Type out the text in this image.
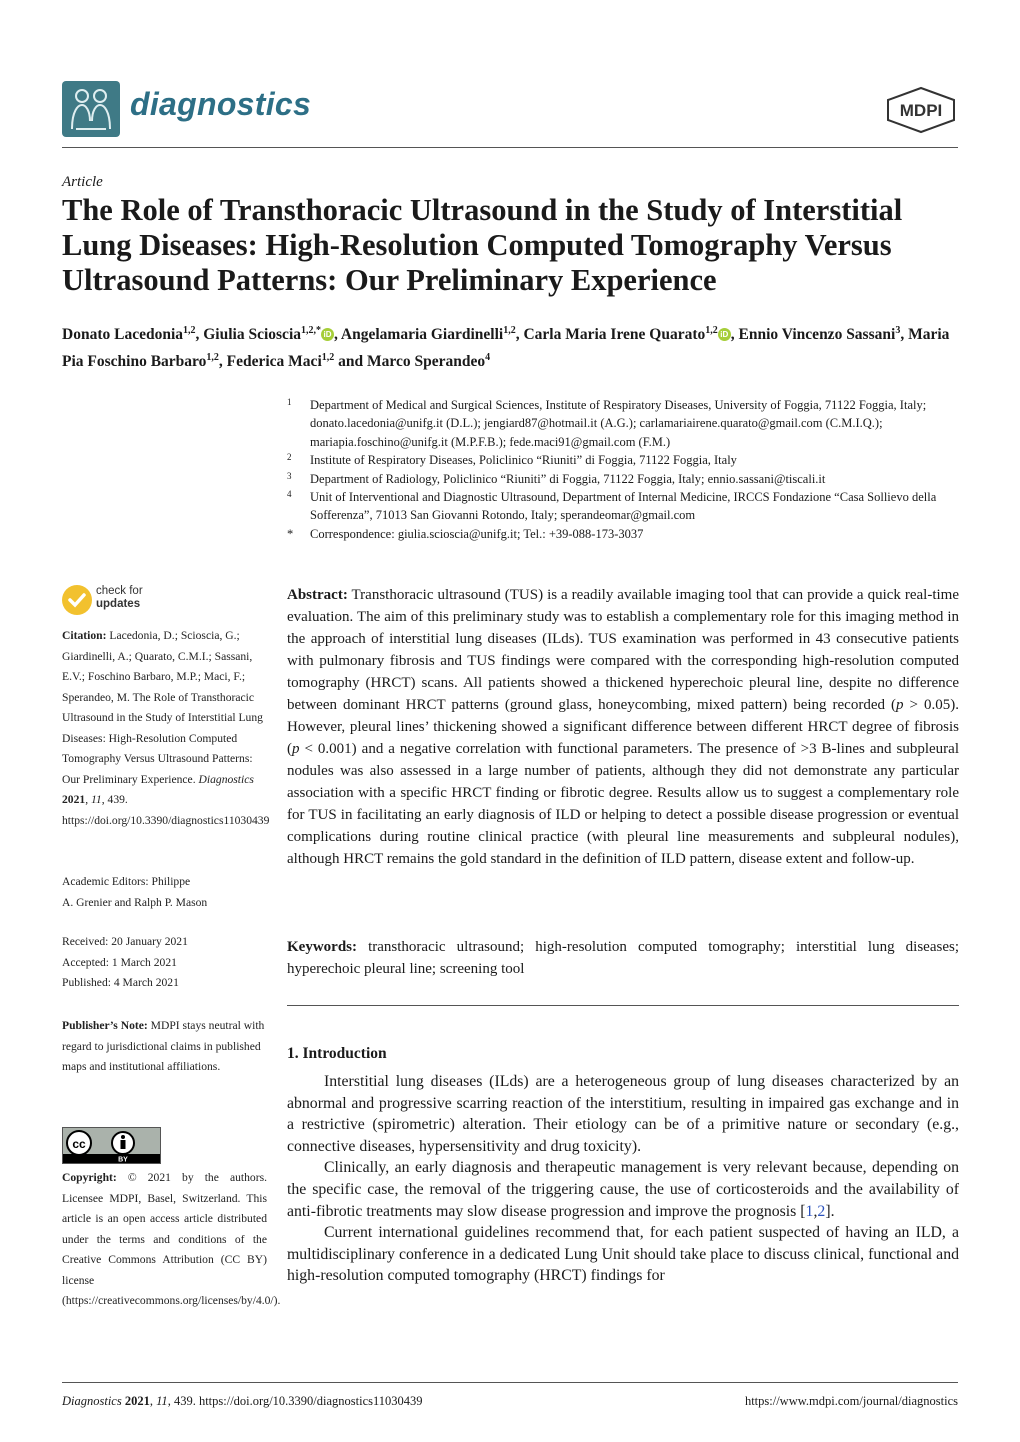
diagnostics	MDPI
Article
The Role of Transthoracic Ultrasound in the Study of Interstitial Lung Diseases: High-Resolution Computed Tomography Versus Ultrasound Patterns: Our Preliminary Experience
Donato Lacedonia$^{1,2}$, Giulia Scioscia$^{1,2,*}$ iD , Angelamaria Giardinelli$^{1,2}$, Carla Maria Irene Quarato$^{1,2}$ iD , Ennio Vincenzo Sassani$^3$, Maria Pia Foschino Barbaro$^{1,2}$, Federica Maci$^{1,2}$ and Marco Sperandeo$^4$
1 Department of Medical and Surgical Sciences, Institute of Respiratory Diseases, University of Foggia, 71122 Foggia, Italy; donato.lacedonia@unifg.it (D.L.); jengiard87@hotmail.it (A.G.); carlamariairene.quarato@gmail.com (C.M.I.Q.); mariapia.foschino@unifg.it (M.P.F.B.); fede.maci91@gmail.com (F.M.)
2 Institute of Respiratory Diseases, Policlinico “Riuniti” di Foggia, 71122 Foggia, Italy
3 Department of Radiology, Policlinico “Riuniti” di Foggia, 71122 Foggia, Italy; ennio.sassani@tiscali.it
4 Unit of Interventional and Diagnostic Ultrasound, Department of Internal Medicine, IRCCS Fondazione “Casa Sollievo della Sofferenza”, 71013 San Giovanni Rotondo, Italy; sperandeomar@gmail.com
* Correspondence: giulia.scioscia@unifg.it; Tel.: +39-088-173-3037
check for
updates
Citation: Lacedonia, D.; Scioscia, G.; Giardinelli, A.; Quarato, C.M.I.; Sassani, E.V.; Foschino Barbaro, M.P.; Maci, F.; Sperandeo, M. The Role of Transthoracic Ultrasound in the Study of Interstitial Lung Diseases: High-Resolution Computed Tomography Versus Ultrasound Patterns: Our Preliminary Experience. Diagnostics 2021, 11, 439. https://doi.org/10.3390/diagnostics11030439
Academic Editors: Philippe
A. Grenier and Ralph P. Mason
Received: 20 January 2021
Accepted: 1 March 2021
Published: 4 March 2021
Publisher’s Note: MDPI stays neutral with regard to jurisdictional claims in published maps and institutional affiliations.
cc
BY
Copyright: © 2021 by the authors. Licensee MDPI, Basel, Switzerland. This article is an open access article distributed under the terms and conditions of the Creative Commons Attribution (CC BY) license (https://creativecommons.org/licenses/by/4.0/).
Abstract: Transthoracic ultrasound (TUS) is a readily available imaging tool that can provide a quick real-time evaluation. The aim of this preliminary study was to establish a complementary role for this imaging method in the approach of interstitial lung diseases (ILds). TUS examination was performed in 43 consecutive patients with pulmonary fibrosis and TUS findings were compared with the corresponding high-resolution computed tomography (HRCT) scans. All patients showed a thickened hyperechoic pleural line, despite no difference between dominant HRCT patterns (ground glass, honeycombing, mixed pattern) being recorded (p > 0.05). However, pleural lines’ thickening showed a significant difference between different HRCT degree of fibrosis (p < 0.001) and a negative correlation with functional parameters. The presence of >3 B-lines and subpleural nodules was also assessed in a large number of patients, although they did not demonstrate any particular association with a specific HRCT finding or fibrotic degree. Results allow us to suggest a complementary role for TUS in facilitating an early diagnosis of ILD or helping to detect a possible disease progression or eventual complications during routine clinical practice (with pleural line measurements and subpleural nodules), although HRCT remains the gold standard in the definition of ILD pattern, disease extent and follow-up.
Keywords: transthoracic ultrasound; high-resolution computed tomography; interstitial lung diseases; hyperechoic pleural line; screening tool
1. Introduction

Interstitial lung diseases (ILds) are a heterogeneous group of lung diseases characterized by an abnormal and progressive scarring reaction of the interstitium, resulting in impaired gas exchange and in a restrictive (spirometric) alteration. Their etiology can be of a primitive nature or secondary (e.g., connective diseases, hypersensitivity and drug toxicity).

Clinically, an early diagnosis and therapeutic management is very relevant because, depending on the specific case, the removal of the triggering cause, the use of corticosteroids and the availability of anti-fibrotic treatments may slow disease progression and improve the prognosis [1,2].

Current international guidelines recommend that, for each patient suspected of having an ILD, a multidisciplinary conference in a dedicated Lung Unit should take place to discuss clinical, functional and high-resolution computed tomography (HRCT) findings for

Diagnostics 2021, 11, 439. https://doi.org/10.3390/diagnostics11030439	https://www.mdpi.com/journal/diagnostics
